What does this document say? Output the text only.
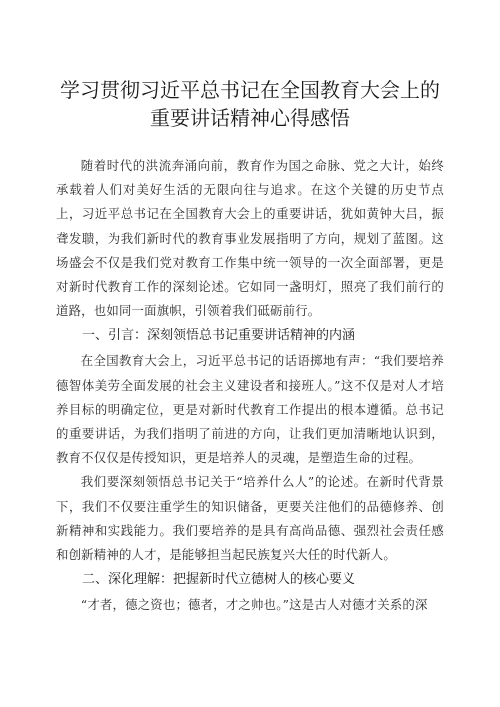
学习贯彻习近平总书记在全国教育大会上的重要讲话精神心得感悟

随着时代的洪流奔涌向前，教育作为国之命脉、党之大计，始终承载着人们对美好生活的无限向往与追求。在这个关键的历史节点上，习近平总书记在全国教育大会上的重要讲话，犹如黄钟大吕，振聋发聩，为我们新时代的教育事业发展指明了方向，规划了蓝图。这场盛会不仅是我们党对教育工作集中统一领导的一次全面部署，更是对新时代教育工作的深刻论述。它如同一盏明灯，照亮了我们前行的道路，也如同一面旗帜，引领着我们砥砺前行。

一、引言：深刻领悟总书记重要讲话精神的内涵

在全国教育大会上，习近平总书记的话语掷地有声：“我们要培养德智体美劳全面发展的社会主义建设者和接班人。”这不仅是对人才培养目标的明确定位，更是对新时代教育工作提出的根本遵循。总书记的重要讲话，为我们指明了前进的方向，让我们更加清晰地认识到，教育不仅仅是传授知识，更是培养人的灵魂，是塑造生命的过程。

我们要深刻领悟总书记关于“培养什么人”的论述。在新时代背景下，我们不仅要注重学生的知识储备，更要关注他们的品德修养、创新精神和实践能力。我们要培养的是具有高尚品德、强烈社会责任感和创新精神的人才，是能够担当起民族复兴大任的时代新人。

二、深化理解：把握新时代立德树人的核心要义

“才者，德之资也；德者，才之帅也。”这是古人对德才关系的深
